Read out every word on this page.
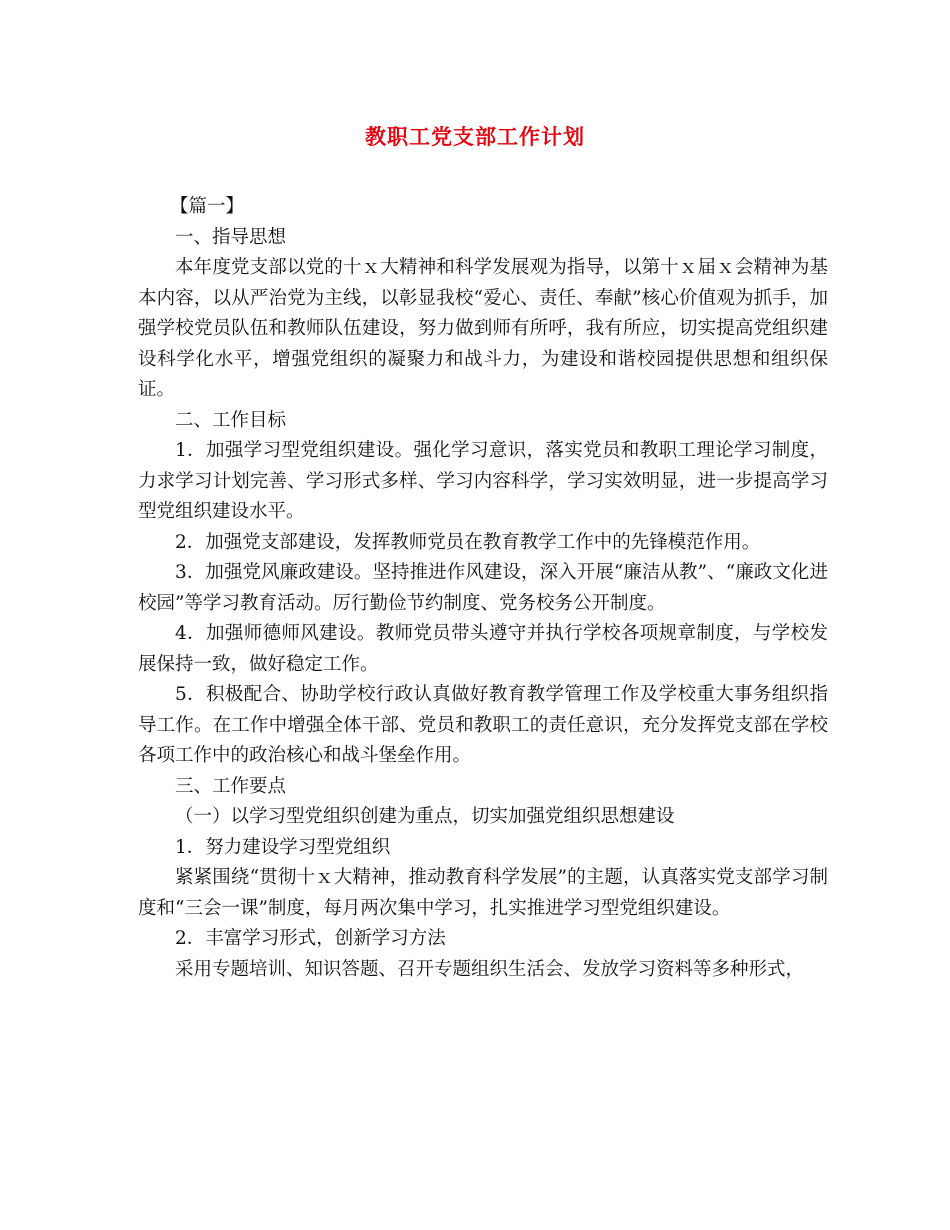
教职工党支部工作计划

【篇一】

一、指导思想

本年度党支部以党的十ｘ大精神和科学发展观为指导，以第十ｘ届ｘ会精神为基本内容，以从严治党为主线，以彰显我校“爱心、责任、奉献”核心价值观为抓手，加强学校党员队伍和教师队伍建设，努力做到师有所呼，我有所应，切实提高党组织建设科学化水平，增强党组织的凝聚力和战斗力，为建设和谐校园提供思想和组织保证。

二、工作目标

1．加强学习型党组织建设。强化学习意识，落实党员和教职工理论学习制度，力求学习计划完善、学习形式多样、学习内容科学，学习实效明显，进一步提高学习型党组织建设水平。

2．加强党支部建设，发挥教师党员在教育教学工作中的先锋模范作用。

3．加强党风廉政建设。坚持推进作风建设，深入开展“廉洁从教”、“廉政文化进校园”等学习教育活动。厉行勤俭节约制度、党务校务公开制度。

4．加强师德师风建设。教师党员带头遵守并执行学校各项规章制度，与学校发展保持一致，做好稳定工作。

5．积极配合、协助学校行政认真做好教育教学管理工作及学校重大事务组织指导工作。在工作中增强全体干部、党员和教职工的责任意识，充分发挥党支部在学校各项工作中的政治核心和战斗堡垒作用。

三、工作要点

（一）以学习型党组织创建为重点，切实加强党组织思想建设

1．努力建设学习型党组织

紧紧围绕“贯彻十ｘ大精神，推动教育科学发展”的主题，认真落实党支部学习制度和“三会一课”制度，每月两次集中学习，扎实推进学习型党组织建设。

2．丰富学习形式，创新学习方法

采用专题培训、知识答题、召开专题组织生活会、发放学习资料等多种形式，
